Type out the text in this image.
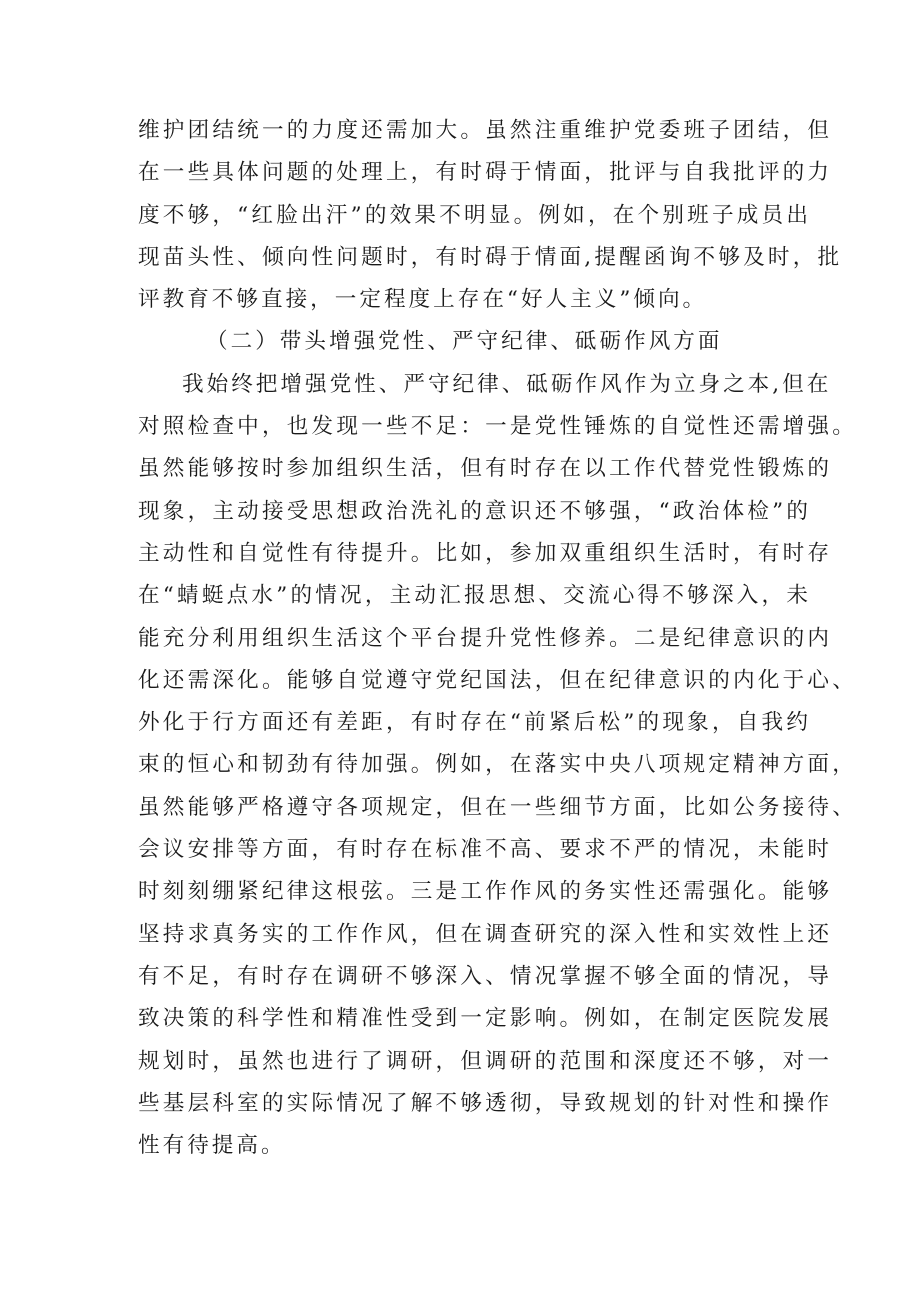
维护团结统一的力度还需加大。虽然注重维护党委班子团结，但
在一些具体问题的处理上，有时碍于情面，批评与自我批评的力
度不够，“红脸出汗”的效果不明显。例如，在个别班子成员出
现苗头性、倾向性问题时，有时碍于情面,提醒函询不够及时，批
评教育不够直接，一定程度上存在“好人主义”倾向。
（二）带头增强党性、严守纪律、砥砺作风方面
我始终把增强党性、严守纪律、砥砺作风作为立身之本,但在
对照检查中，也发现一些不足：一是党性锤炼的自觉性还需增强。
虽然能够按时参加组织生活，但有时存在以工作代替党性锻炼的
现象，主动接受思想政治洗礼的意识还不够强，“政治体检”的
主动性和自觉性有待提升。比如，参加双重组织生活时，有时存
在“蜻蜓点水”的情况，主动汇报思想、交流心得不够深入，未
能充分利用组织生活这个平台提升党性修养。二是纪律意识的内
化还需深化。能够自觉遵守党纪国法，但在纪律意识的内化于心、
外化于行方面还有差距，有时存在“前紧后松”的现象，自我约
束的恒心和韧劲有待加强。例如，在落实中央八项规定精神方面，
虽然能够严格遵守各项规定，但在一些细节方面，比如公务接待、
会议安排等方面，有时存在标准不高、要求不严的情况，未能时
时刻刻绷紧纪律这根弦。三是工作作风的务实性还需强化。能够
坚持求真务实的工作作风，但在调查研究的深入性和实效性上还
有不足，有时存在调研不够深入、情况掌握不够全面的情况，导
致决策的科学性和精准性受到一定影响。例如，在制定医院发展
规划时，虽然也进行了调研，但调研的范围和深度还不够，对一
些基层科室的实际情况了解不够透彻，导致规划的针对性和操作
性有待提高。
